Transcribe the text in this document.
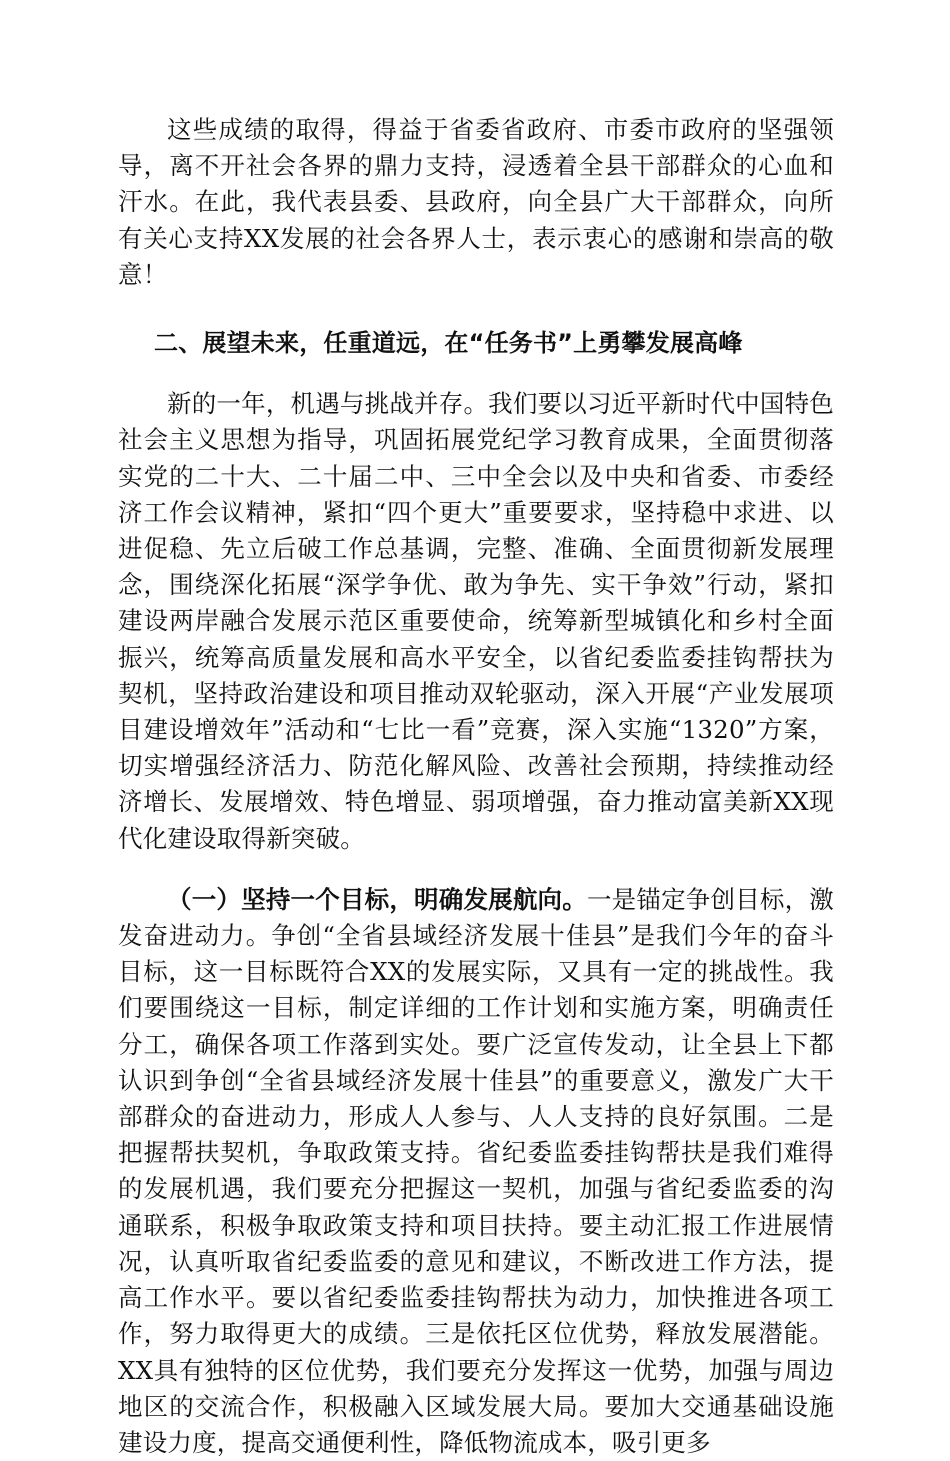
这些成绩的取得，得益于省委省政府、市委市政府的坚强领导，离不开社会各界的鼎力支持，浸透着全县干部群众的心血和汗水。在此，我代表县委、县政府，向全县广大干部群众，向所有关心支持XX发展的社会各界人士，表示衷心的感谢和崇高的敬意！

二、展望未来，任重道远，在“任务书”上勇攀发展高峰

新的一年，机遇与挑战并存。我们要以习近平新时代中国特色社会主义思想为指导，巩固拓展党纪学习教育成果，全面贯彻落实党的二十大、二十届二中、三中全会以及中央和省委、市委经济工作会议精神，紧扣“四个更大”重要要求，坚持稳中求进、以进促稳、先立后破工作总基调，完整、准确、全面贯彻新发展理念，围绕深化拓展“深学争优、敢为争先、实干争效”行动，紧扣建设两岸融合发展示范区重要使命，统筹新型城镇化和乡村全面振兴，统筹高质量发展和高水平安全，以省纪委监委挂钩帮扶为契机，坚持政治建设和项目推动双轮驱动，深入开展“产业发展项目建设增效年”活动和“七比一看”竞赛，深入实施“1320”方案，切实增强经济活力、防范化解风险、改善社会预期，持续推动经济增长、发展增效、特色增显、弱项增强，奋力推动富美新XX现代化建设取得新突破。

（一）坚持一个目标，明确发展航向。一是锚定争创目标，激发奋进动力。争创“全省县域经济发展十佳县”是我们今年的奋斗目标，这一目标既符合XX的发展实际，又具有一定的挑战性。我们要围绕这一目标，制定详细的工作计划和实施方案，明确责任分工，确保各项工作落到实处。要广泛宣传发动，让全县上下都认识到争创“全省县域经济发展十佳县”的重要意义，激发广大干部群众的奋进动力，形成人人参与、人人支持的良好氛围。二是把握帮扶契机，争取政策支持。省纪委监委挂钩帮扶是我们难得的发展机遇，我们要充分把握这一契机，加强与省纪委监委的沟通联系，积极争取政策支持和项目扶持。要主动汇报工作进展情况，认真听取省纪委监委的意见和建议，不断改进工作方法，提高工作水平。要以省纪委监委挂钩帮扶为动力，加快推进各项工作，努力取得更大的成绩。三是依托区位优势，释放发展潜能。XX具有独特的区位优势，我们要充分发挥这一优势，加强与周边地区的交流合作，积极融入区域发展大局。要加大交通基础设施建设力度，提高交通便利性，降低物流成本，吸引更多
